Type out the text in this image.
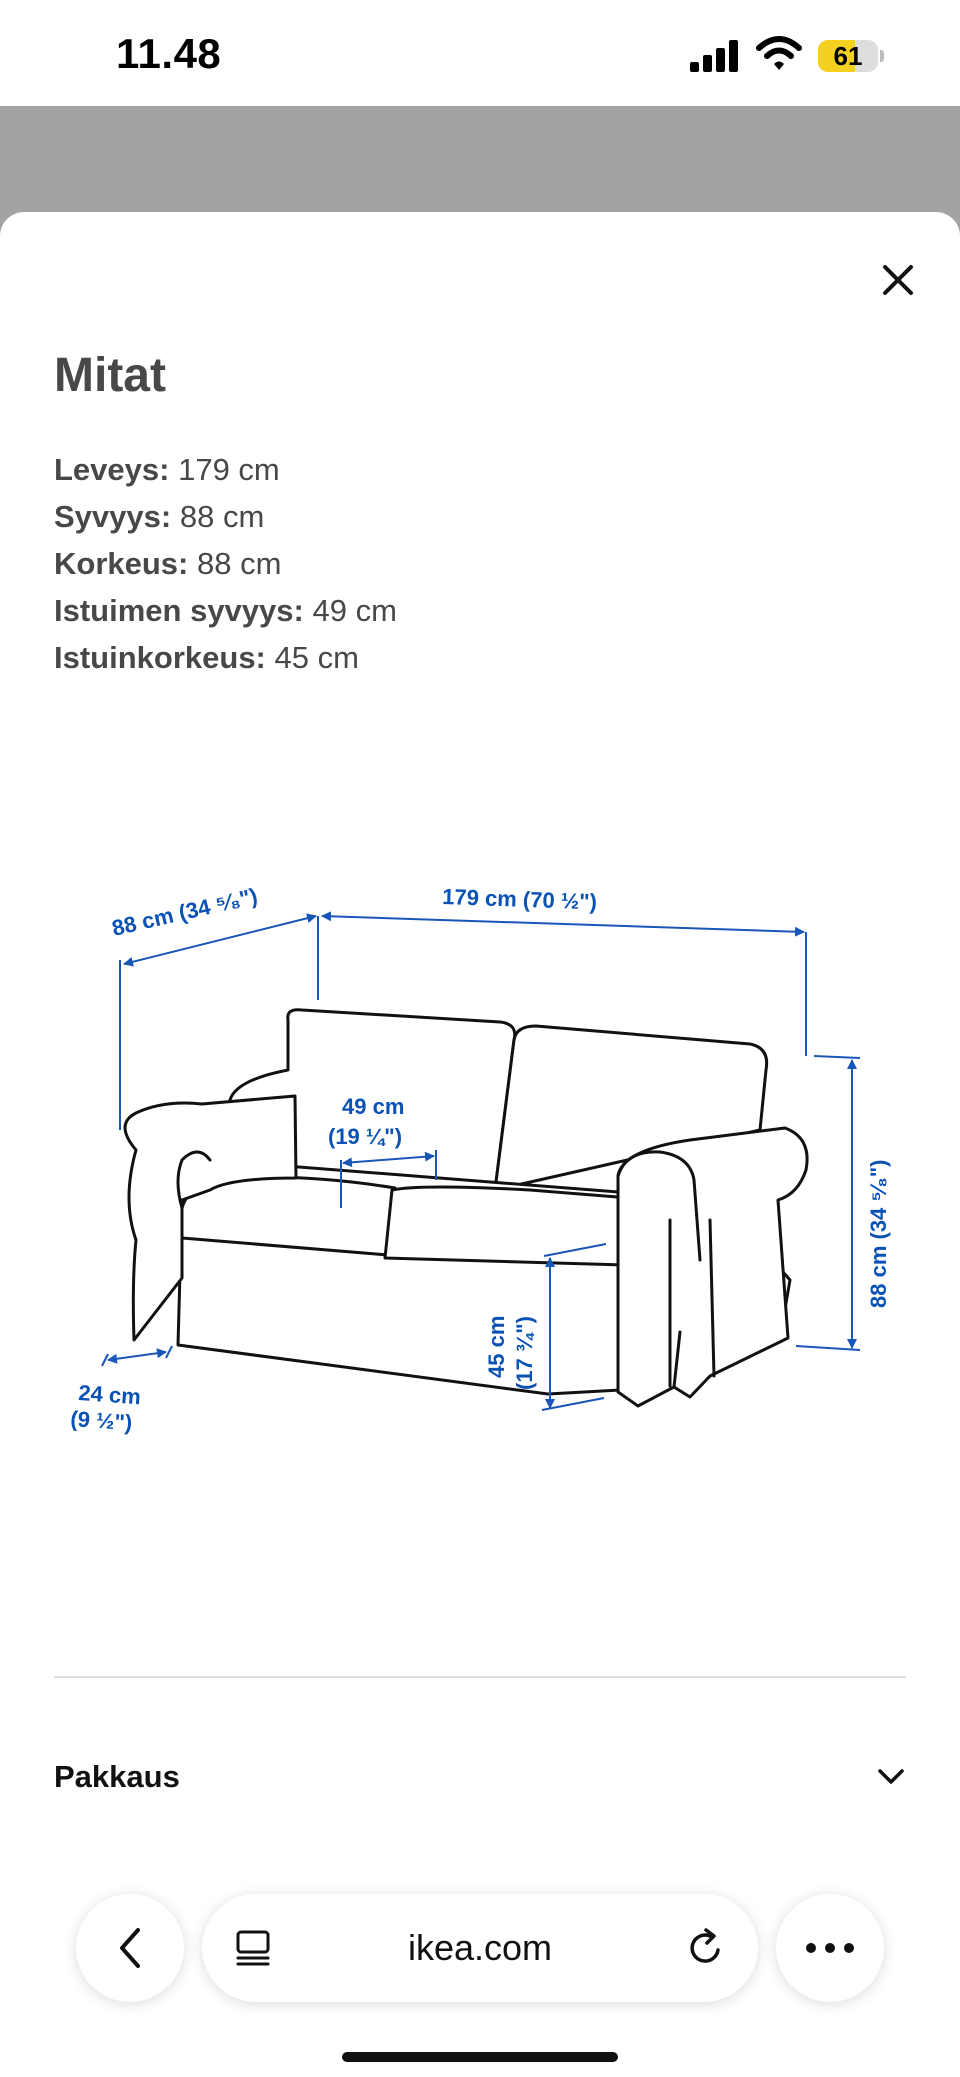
11.48	61
Mitat
Leveys: 179 cm
Syvyys: 88 cm
Korkeus: 88 cm
Istuimen syvyys: 49 cm
Istuinkorkeus: 45 cm
88 cm (34 ⁵⁄₈")	179 cm (70 ½")
49 cm
(19 ¼")
88 cm (34 ⁵⁄₈")
45 cm (17 ¾")
24 cm
(9 ½")
Pakkaus
ikea.com
